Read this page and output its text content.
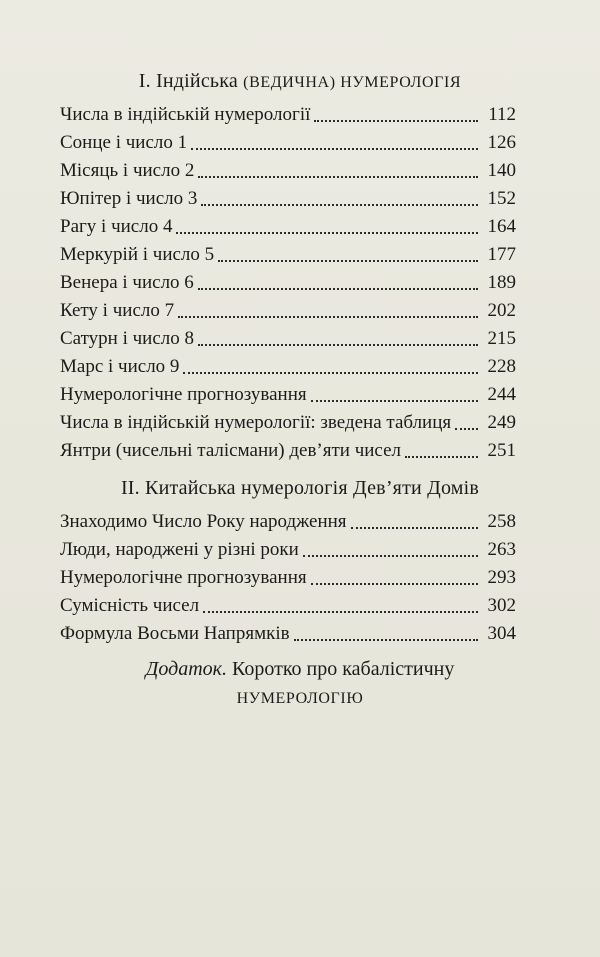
I. Індійська (ВЕДИЧНА) НУМЕРОЛОГІЯ
Числа в індійській нумерології	112
Сонце і число 1	126
Місяць і число 2	140
Юпітер і число 3	152
Рагу і число 4	164
Меркурій і число 5	177
Венера і число 6	189
Кету і число 7	202
Сатурн і число 8	215
Марс і число 9	228
Нумерологічне прогнозування	244
Числа в індійській нумерології: зведена таблиця 249
Янтри (чисельні талісмани) дев’яти чисел	251
II. Китайська нумерологія Дев’яти Домів
Знаходимо Число Року народження	258
Люди, народжені у різні роки	263
Нумерологічне прогнозування	293
Сумісність чисел	302
Формула Восьми Напрямків	304
Додаток. Коротко про кабалістичну
НУМЕРОЛОГІЮ
